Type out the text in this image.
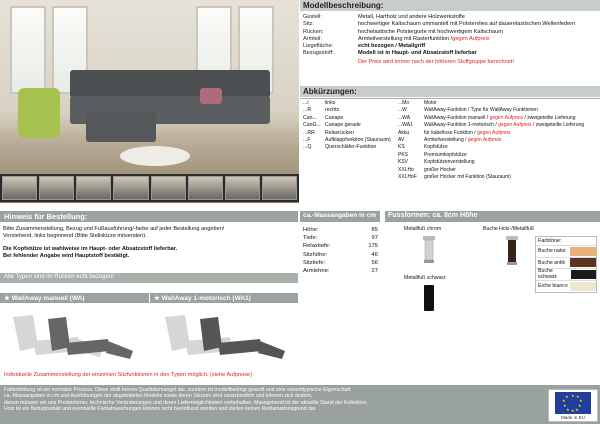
Modellbeschreibung:
Gestell:	Metall, Hartholz und andere Holzwerkstoffe
Sitz:	hochwertiger Kaltschaum ummantelt mit Polstervlies auf dauerelastischen Wellenfedern
Rücken:	hochelastische Polstergurte mit hochwertigem Kaltschaum
Armteil:	Armteilverstellung mit Rasterfunktion / gegen Aufpreis
Liegefläche:	echt bezogen / Metallgriff
Bezugsstoff:	Modell ist in Haupt- und Absatzstoff lieferbar
Der Preis wird immer nach der höheren Stoffgruppe berechnet!
Abkürzungen:
...l	links
...R	rechts
Can...	Canape
CanG... Canape gerade
...RR	Relaxrücken
...F	Aufklappfunktion (Stauraum)
...Q	Querschläfer-Funktion
...Mo	Motor
...W	WallAway-Funktion / Type für WallAway Funktionen
...WA	WallAway-Funktion manuell / gegen Aufpreis / zweigeteilte Lieferung
...WA1 WallAway-Funktion 1-motorisch / gegen Aufpreis / zweigeteilte Lieferung
Akku	für kabellose Funktion / gegen Aufpreis
AV	Armteilverstellung / gegen Aufpreis
KS	Kopfstütze
PKS	Premiumkopfstütze
KSV	Kopfstützenverstellung
XXLHo großer Hocker
XXLHoF großer Hocker mit Funktion (Stauraum)
Hinweis für Bestellung:
Bitte Zusammenstellung, Bezug und Fußausführung/-farbe auf jeder Bestellung angeben!
Vorstehend, links beginnend (Bitte Stellskizze mitsenden).
Die Kopfstütze ist wahlweise im Haupt- oder Absatzstoff lieferbar.
Bei fehlender Angabe wird Hauptstoff bestätigt.
Alle Typen sind im Rücken echt bezogen!
★ WallAway manuell (WA)	★ WallAway 1-motorisch (WA1)
Individuelle Zusammenstellung der einzelnen Sitzfunktionen in den Typen möglich. (siehe Aufpreise)
ca.-Massangaben in cm
Höhe:	85
Tiefe:	97
Relaxtiefe:	175
Sitzhöhe:	46
Sitztiefe:	56
Armlehne:	27
Fussformen: ca. 8cm Höhe
Metallfuß chrom	Buche Holz-/Metallfuß
Metallfuß schwarz
Farbtöne:
Buche natur
Buche antik
Buche schwarz
Eiche bianco
Faltenbildung ist ein normaler Prozess. Diese stellt keinen Qualitätsmangel dar, sondern ist modellbedingt gewollt und eine warenttypische Eigenschaft.
ca.-Massangaben in cm und Ausführungen der abgebildeten Modelle sowie deren Skizzen sind unverbindlich und können sich ändern,
darum müssen wir uns Preisirrtümer, technische Veränderungen und deren Liefermöglichkeiten vorbehalten. Massgebend ist der aktuelle Stand der Kollektion.
Holz ist ein Naturprodukt und eventuelle Farbabweichungen können nicht beeinflusst werden und stellen keinen Reklamationsgrund dar.
★ ★
★
★
★
★
★
★
★
★
Made in EU
